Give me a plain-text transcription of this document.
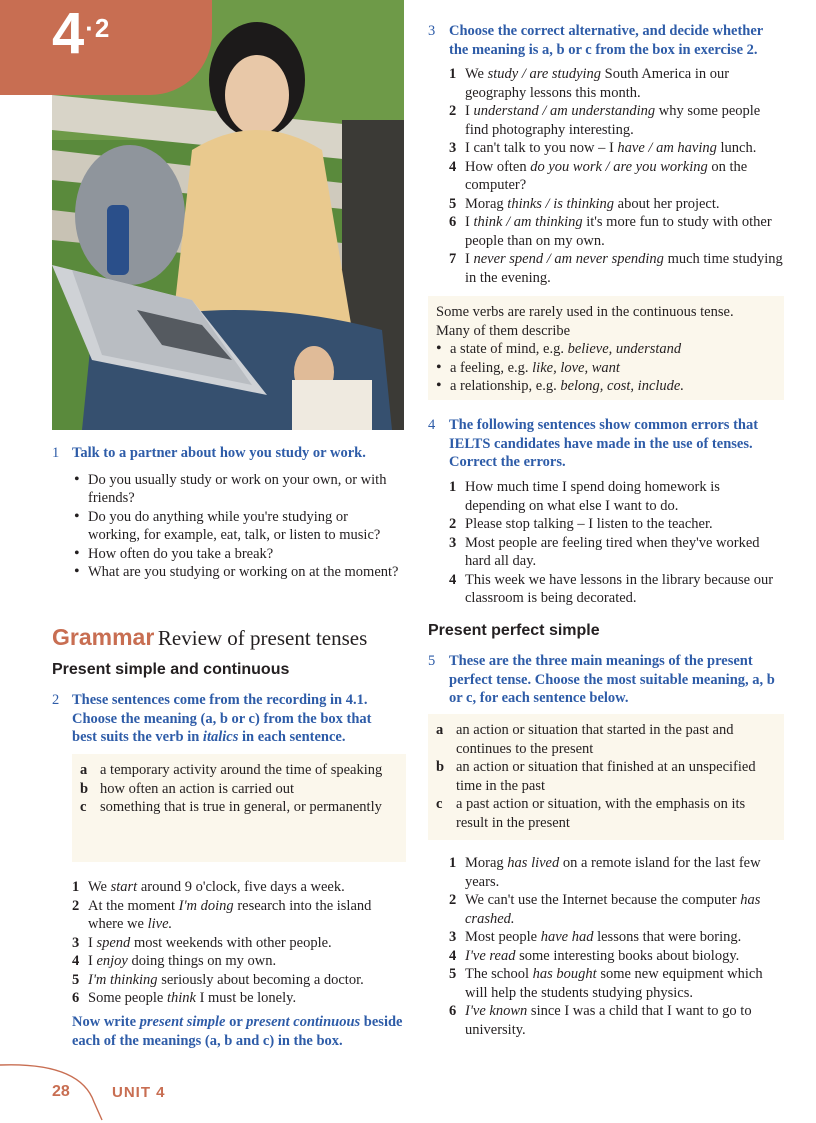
$4^{\cdot 2}$
1 Talk to a partner about how you study or work.
• Do you usually study or work on your own, or with friends?
• Do you do anything while you're studying or working, for example, eat, talk, or listen to music?
• How often do you take a break?
• What are you studying or working on at the moment?
Grammar Review of present tenses
Present simple and continuous
2 These sentences come from the recording in 4.1. Choose the meaning (a, b or c) from the box that best suits the verb in italics in each sentence.
a a temporary activity around the time of speaking
b how often an action is carried out
c something that is true in general, or permanently
1 We start around 9 o'clock, five days a week.
2 At the moment I'm doing research into the island where we live.
3 I spend most weekends with other people.
4 I enjoy doing things on my own.
5 I'm thinking seriously about becoming a doctor.
6 Some people think I must be lonely.
Now write present simple or present continuous beside each of the meanings (a, b and c) in the box.
28	UNIT 4
3 Choose the correct alternative, and decide whether the meaning is a, b or c from the box in exercise 2.
1 We study / are studying South America in our geography lessons this month.
2 I understand / am understanding why some people find photography interesting.
3 I can't talk to you now – I have / am having lunch.
4 How often do you work / are you working on the computer?
5 Morag thinks / is thinking about her project.
6 I think / am thinking it's more fun to study with other people than on my own.
7 I never spend / am never spending much time studying in the evening.
Some verbs are rarely used in the continuous tense.
Many of them describe
• a state of mind, e.g. believe, understand
• a feeling, e.g. like, love, want
• a relationship, e.g. belong, cost, include.
4 The following sentences show common errors that IELTS candidates have made in the use of tenses. Correct the errors.
1 How much time I spend doing homework is depending on what else I want to do.
2 Please stop talking – I listen to the teacher.
3 Most people are feeling tired when they've worked hard all day.
4 This week we have lessons in the library because our classroom is being decorated.
Present perfect simple
5 These are the three main meanings of the present perfect tense. Choose the most suitable meaning, a, b or c, for each sentence below.
a an action or situation that started in the past and continues to the present
b an action or situation that finished at an unspecified time in the past
c a past action or situation, with the emphasis on its result in the present
1 Morag has lived on a remote island for the last few years.
2 We can't use the Internet because the computer has crashed.
3 Most people have had lessons that were boring.
4 I've read some interesting books about biology.
5 The school has bought some new equipment which will help the students studying physics.
6 I've known since I was a child that I want to go to university.
